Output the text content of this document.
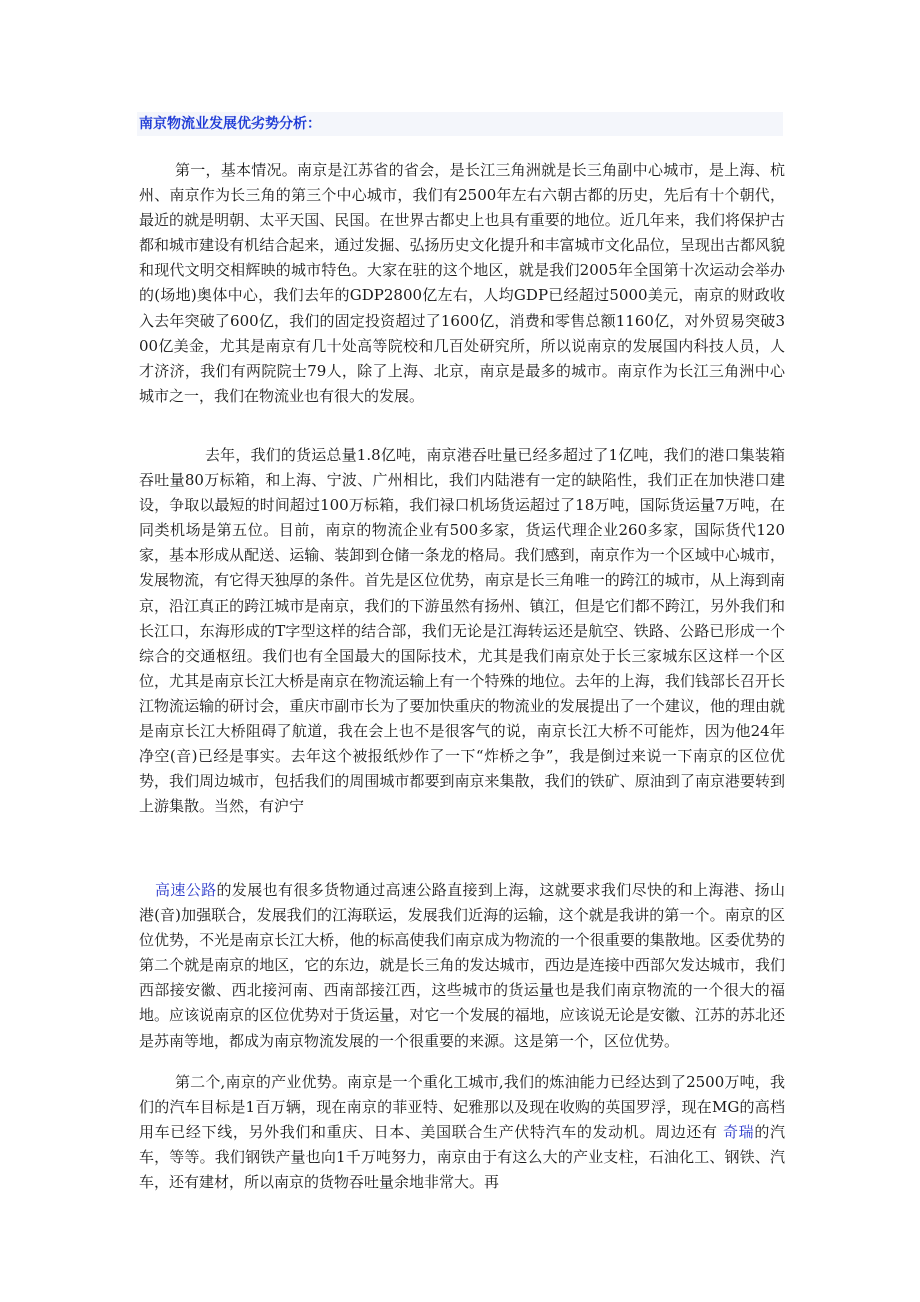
南京物流业发展优劣势分析：

第一，基本情况。南京是江苏省的省会，是长江三角洲就是长三角副中心城市，是上海、杭州、南京作为长三角的第三个中心城市，我们有2500年左右六朝古都的历史，先后有十个朝代，最近的就是明朝、太平天国、民国。在世界古都史上也具有重要的地位。近几年来，我们将保护古都和城市建设有机结合起来，通过发掘、弘扬历史文化提升和丰富城市文化品位，呈现出古都风貌和现代文明交相辉映的城市特色。大家在驻的这个地区，就是我们2005年全国第十次运动会举办的(场地)奥体中心，我们去年的GDP2800亿左右，人均GDP已经超过5000美元，南京的财政收入去年突破了600亿，我们的固定投资超过了1600亿，消费和零售总额1160亿，对外贸易突破300亿美金，尤其是南京有几十处高等院校和几百处研究所，所以说南京的发展国内科技人员，人才济济，我们有两院院士79人，除了上海、北京，南京是最多的城市。南京作为长江三角洲中心城市之一，我们在物流业也有很大的发展。

去年，我们的货运总量1.8亿吨，南京港吞吐量已经多超过了1亿吨，我们的港口集装箱吞吐量80万标箱，和上海、宁波、广州相比，我们内陆港有一定的缺陷性，我们正在加快港口建设，争取以最短的时间超过100万标箱，我们禄口机场货运超过了18万吨，国际货运量7万吨，在同类机场是第五位。目前，南京的物流企业有500多家，货运代理企业260多家，国际货代120家，基本形成从配送、运输、装卸到仓储一条龙的格局。我们感到，南京作为一个区域中心城市，发展物流，有它得天独厚的条件。首先是区位优势，南京是长三角唯一的跨江的城市，从上海到南京，沿江真正的跨江城市是南京，我们的下游虽然有扬州、镇江，但是它们都不跨江，另外我们和长江口，东海形成的T字型这样的结合部，我们无论是江海转运还是航空、铁路、公路已形成一个综合的交通枢纽。我们也有全国最大的国际技术，尤其是我们南京处于长三家城东区这样一个区位，尤其是南京长江大桥是南京在物流运输上有一个特殊的地位。去年的上海，我们钱部长召开长江物流运输的研讨会，重庆市副市长为了要加快重庆的物流业的发展提出了一个建议，他的理由就是南京长江大桥阻碍了航道，我在会上也不是很客气的说，南京长江大桥不可能炸，因为他24年净空(音)已经是事实。去年这个被报纸炒作了一下“炸桥之争”，我是倒过来说一下南京的区位优势，我们周边城市，包括我们的周围城市都要到南京来集散，我们的铁矿、原油到了南京港要转到上游集散。当然，有沪宁

高速公路的发展也有很多货物通过高速公路直接到上海，这就要求我们尽快的和上海港、扬山港(音)加强联合，发展我们的江海联运，发展我们近海的运输，这个就是我讲的第一个。南京的区位优势，不光是南京长江大桥，他的标高使我们南京成为物流的一个很重要的集散地。区委优势的第二个就是南京的地区，它的东边，就是长三角的发达城市，西边是连接中西部欠发达城市，我们西部接安徽、西北接河南、西南部接江西，这些城市的货运量也是我们南京物流的一个很大的福地。应该说南京的区位优势对于货运量，对它一个发展的福地，应该说无论是安徽、江苏的苏北还是苏南等地，都成为南京物流发展的一个很重要的来源。这是第一个，区位优势。

第二个,南京的产业优势。南京是一个重化工城市,我们的炼油能力已经达到了2500万吨，我们的汽车目标是1百万辆，现在南京的菲亚特、妃雅那以及现在收购的英国罗浮，现在MG的高档用车已经下线，另外我们和重庆、日本、美国联合生产伏特汽车的发动机。周边还有 奇瑞的汽车，等等。我们钢铁产量也向1千万吨努力，南京由于有这么大的产业支柱，石油化工、钢铁、汽车，还有建材，所以南京的货物吞吐量余地非常大。再
